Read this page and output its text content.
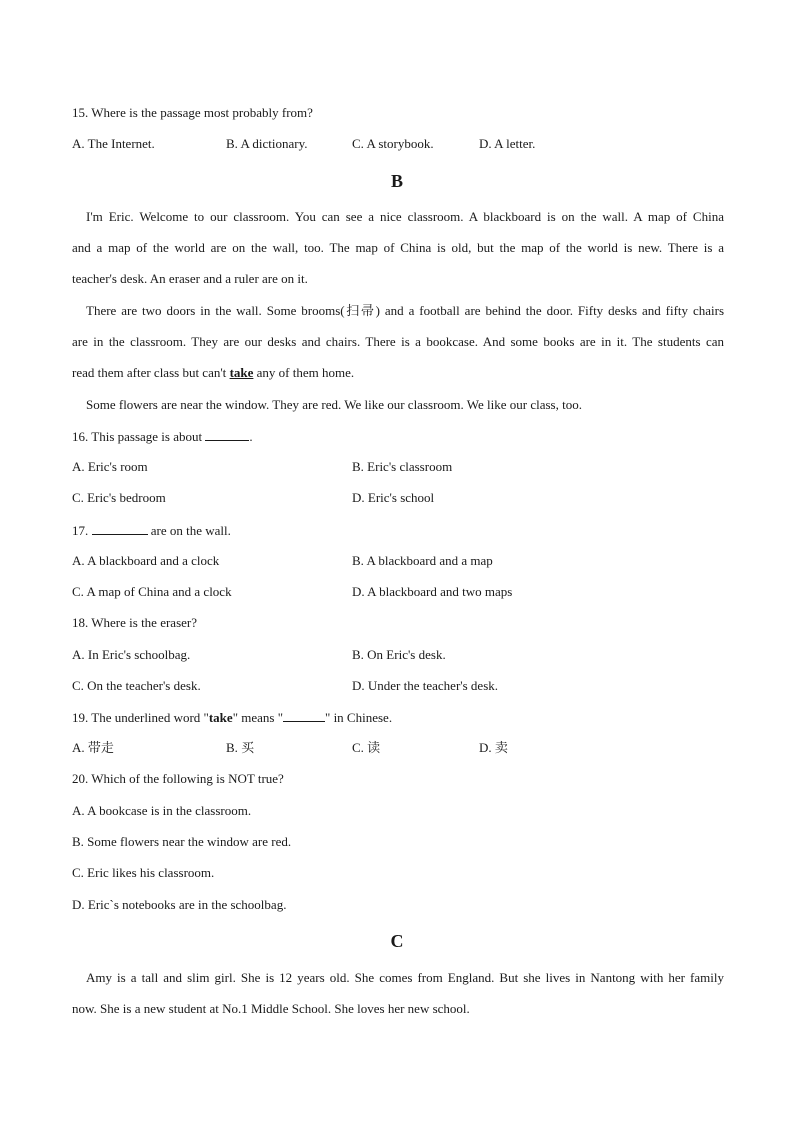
15. Where is the passage most probably from?
A. The Internet.	B. A dictionary.	C. A storybook.	D. A letter.
B
I'm Eric. Welcome to our classroom. You can see a nice classroom. A blackboard is on the wall. A map of China
and a map of the world are on the wall, too. The map of China is old, but the map of the world is new. There is a
teacher's desk. An eraser and a ruler are on it.
There are two doors in the wall. Some brooms(扫帚) and a football are behind the door. Fifty desks and fifty chairs
are in the classroom. They are our desks and chairs. There is a bookcase. And some books are in it. The students can
read them after class but can't take any of them home.
Some flowers are near the window. They are red. We like our classroom. We like our class, too.
16. This passage is about	.
A. Eric's room	B. Eric's classroom
C. Eric's bedroom	D. Eric's school
17.	are on the wall.
A. A blackboard and a clock	B. A blackboard and a map
C. A map of China and a clock	D. A blackboard and two maps
18. Where is the eraser?
A. In Eric's schoolbag.	B. On Eric's desk.
C. On the teacher's desk.	D. Under the teacher's desk.
19. The underlined word "take" means "	" in Chinese.
A. 带走	B. 买	C. 读	D. 卖
20. Which of the following is NOT true?
A. A bookcase is in the classroom.
B. Some flowers near the window are red.
C. Eric likes his classroom.
D. Eric`s notebooks are in the schoolbag.
C
Amy is a tall and slim girl. She is 12 years old. She comes from England. But she lives in Nantong with her family
now. She is a new student at No.1 Middle School. She loves her new school.
